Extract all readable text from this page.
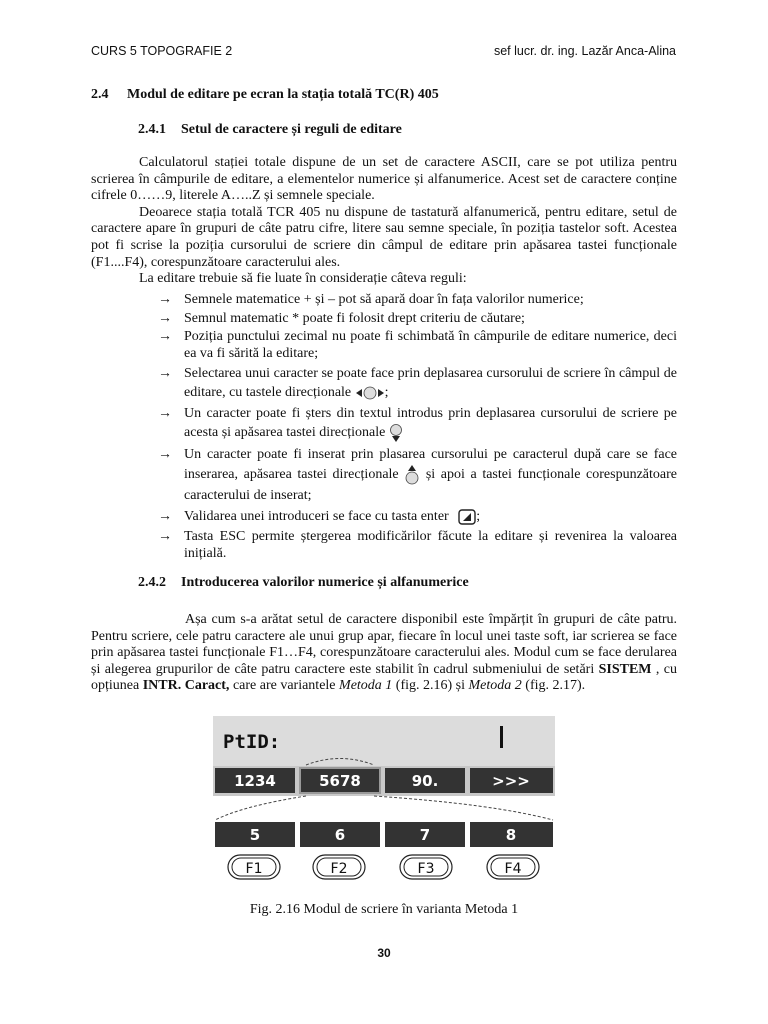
CURS 5 TOPOGRAFIE 2	sef lucr. dr. ing. Lazăr Anca-Alina
2.4 Modul de editare pe ecran la stația totală TC(R) 405
2.4.1 Setul de caractere și reguli de editare

Calculatorul stației totale dispune de un set de caractere ASCII, care se pot utiliza pentru scrierea în câmpurile de editare, a elementelor numerice și alfanumerice. Acest set de caractere conține cifrele 0……9, literele A…..Z și semnele speciale.

Deoarece stația totală TCR 405 nu dispune de tastatură alfanumerică, pentru editare, setul de caractere apare în grupuri de câte patru cifre, litere sau semne speciale, în poziția tastelor soft. Acestea pot fi scrise la poziția cursorului de scriere din câmpul de editare prin apăsarea tastei funcționale (F1....F4), corespunzătoare caracterului ales.

La editare trebuie să fie luate în considerație câteva reguli:

→ Semnele matematice + și – pot să apară doar în fața valorilor numerice;
→ Semnul matematic * poate fi folosit drept criteriu de căutare;
→ Poziția punctului zecimal nu poate fi schimbată în câmpurile de editare numerice, deci ea va fi sărită la editare;
→ Selectarea unui caracter se poate face prin deplasarea cursorului de scriere în câmpul de editare, cu tastele direcționale ;
→ Un caracter poate fi șters din textul introdus prin deplasarea cursorului de scriere pe acesta și apăsarea tastei direcționale
→ Un caracter poate fi inserat prin plasarea cursorului pe caracterul după care se face inserarea, apăsarea tastei direcționale și apoi a tastei funcționale corespunzătoare caracterului de inserat;
→ Validarea unei introduceri se face cu tasta enter ;
→ Tasta ESC permite ștergerea modificărilor făcute la editare și revenirea la valoarea inițială.
2.4.2 Introducerea valorilor numerice și alfanumerice

Așa cum s-a arătat setul de caractere disponibil este împărțit în grupuri de câte patru. Pentru scriere, cele patru caractere ale unui grup apar, fiecare în locul unei taste soft, iar scrierea se face prin apăsarea tastei funcționale F1…F4, corespunzătoare caracterului ales. Modul cum se face derularea și alegerea grupurilor de câte patru caractere este stabilit în cadrul submeniului de setări SISTEM , cu opțiunea INTR. Caract, care are variantele Metoda 1 (fig. 2.16) și Metoda 2 (fig. 2.17).

PtID:
1234	5678	90.	>>>
5	6	7	8
F1	F2	F3	F4
Fig. 2.16 Modul de scriere în varianta Metoda 1
30
